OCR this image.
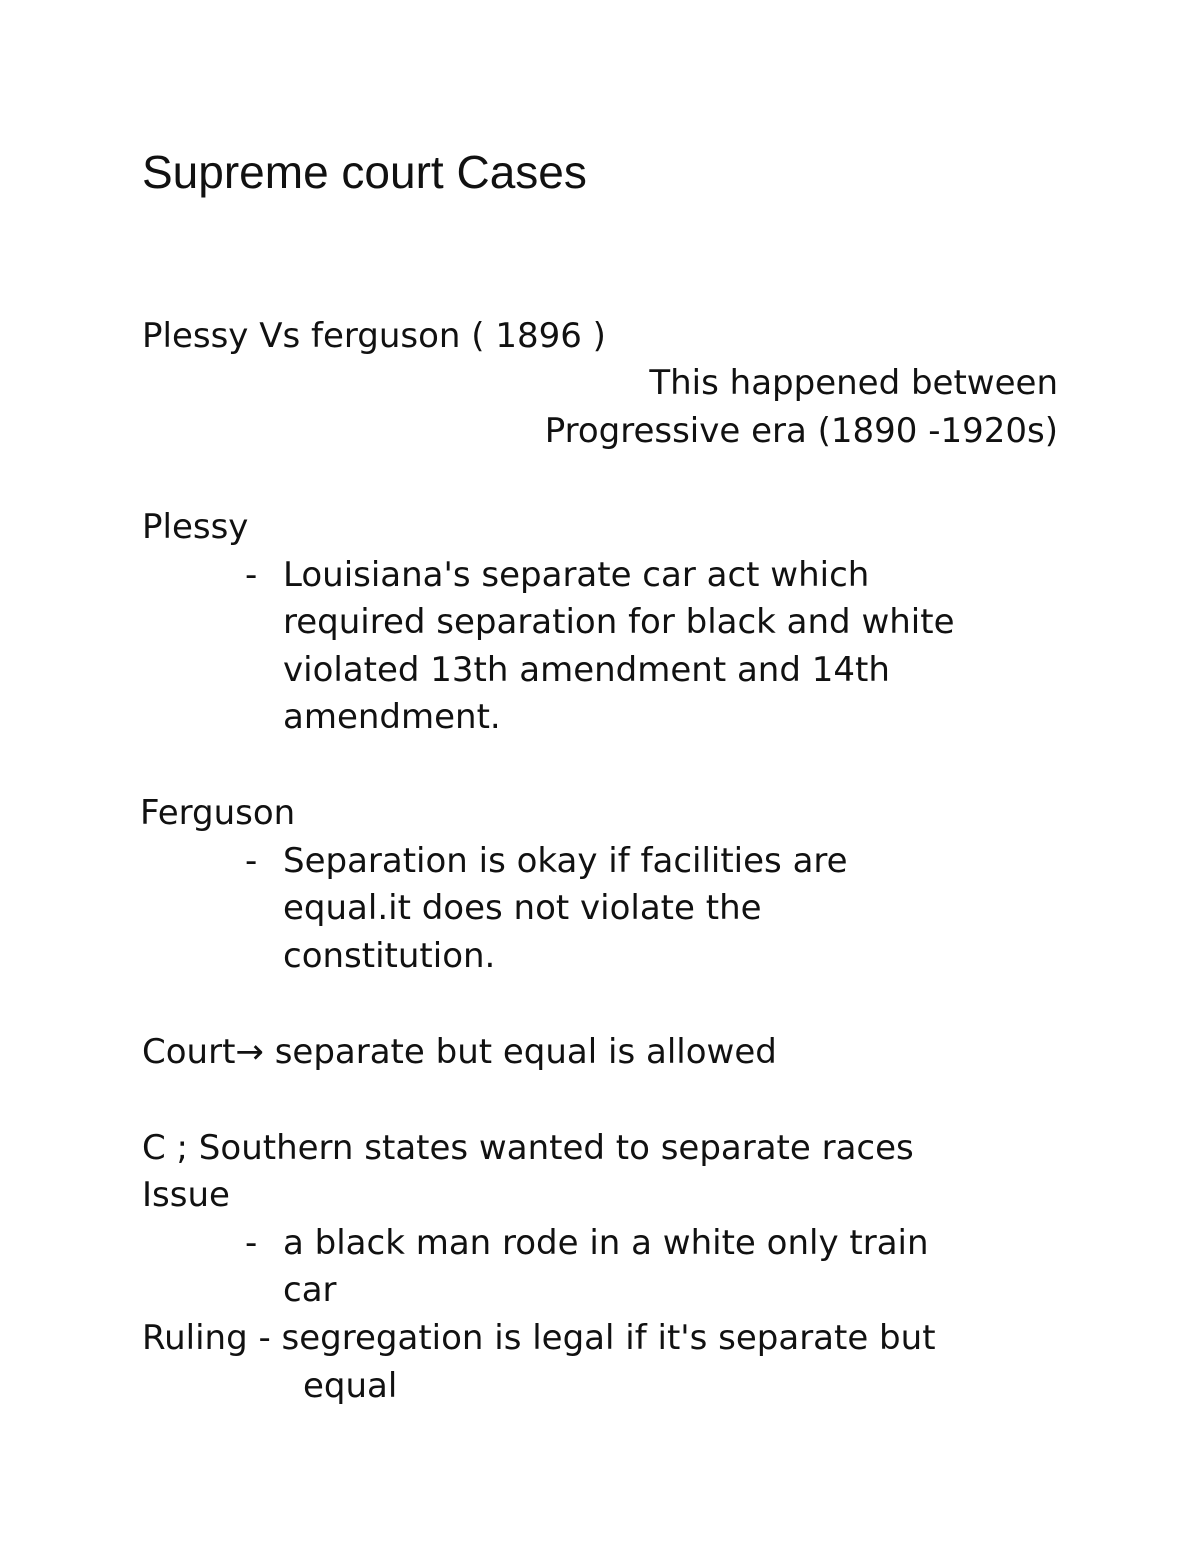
Supreme court Cases
Plessy Vs ferguson ( 1896 )
This happened between
Progressive era (1890 -1920s)
Plessy
- Louisiana's separate car act which
required separation for black and white
violated 13th amendment and 14th
amendment.
Ferguson
- Separation is okay if facilities are
equal.it does not violate the
constitution.
Court→ separate but equal is allowed
C ; Southern states wanted to separate races
Issue
- a black man rode in a white only train
car
Ruling - segregation is legal if it's separate but
equal
